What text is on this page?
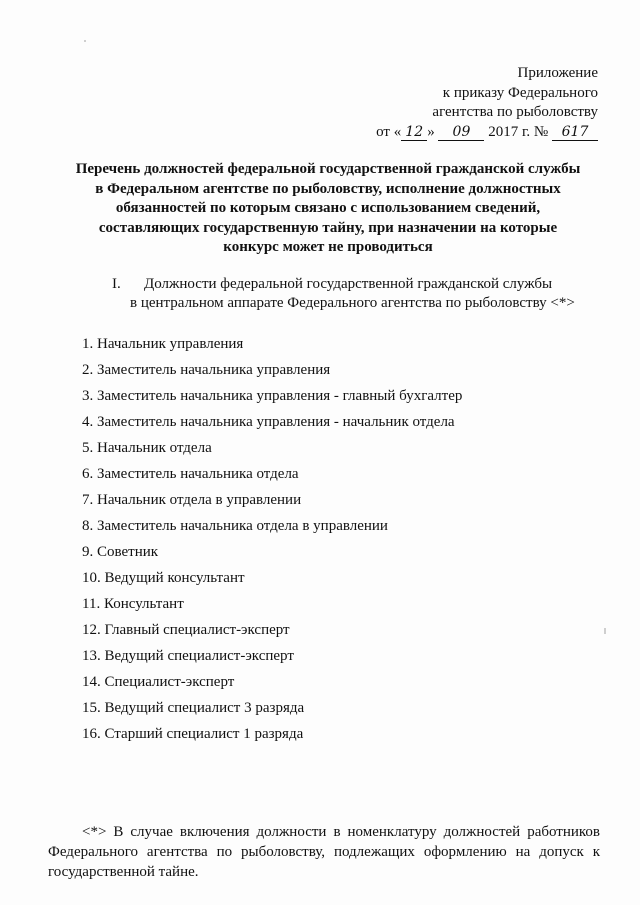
Приложение
к приказу Федерального
агентства по рыболовству
от « 12 » 09 2017 г. № 617
Перечень должностей федеральной государственной гражданской службы
в Федеральном агентстве по рыболовству, исполнение должностных
обязанностей по которым связано с использованием сведений,
составляющих государственную тайну, при назначении на которые
конкурс может не проводиться
I. Должности федеральной государственной гражданской службы
в центральном аппарате Федерального агентства по рыболовству <*>
1. Начальник управления
2. Заместитель начальника управления
3. Заместитель начальника управления - главный бухгалтер
4. Заместитель начальника управления - начальник отдела
5. Начальник отдела
6. Заместитель начальника отдела
7. Начальник отдела в управлении
8. Заместитель начальника отдела в управлении
9. Советник
10. Ведущий консультант
11. Консультант
12. Главный специалист-эксперт
13. Ведущий специалист-эксперт
14. Специалист-эксперт
15. Ведущий специалист 3 разряда
16. Старший специалист 1 разряда
<*> В случае включения должности в номенклатуру должностей работников Федерального агентства по рыболовству, подлежащих оформлению на допуск к государственной тайне.
